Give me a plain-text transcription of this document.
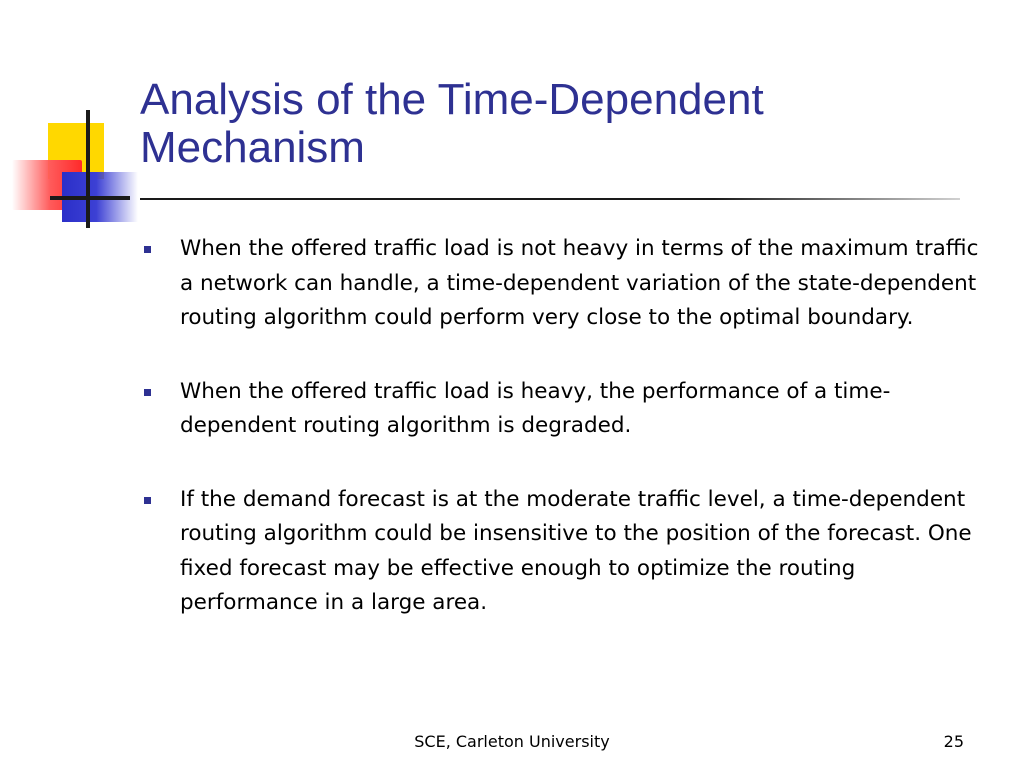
Analysis of the Time-Dependent
Mechanism
When the offered traffic load is not heavy in terms of the maximum traffic a network can handle, a time-dependent variation of the state-dependent routing algorithm could perform very close to the optimal boundary.
When the offered traffic load is heavy, the performance of a time-dependent routing algorithm is degraded.
If the demand forecast is at the moderate traffic level, a time-dependent routing algorithm could be insensitive to the position of the forecast. One fixed forecast may be effective enough to optimize the routing performance in a large area.
SCE, Carleton University	25
